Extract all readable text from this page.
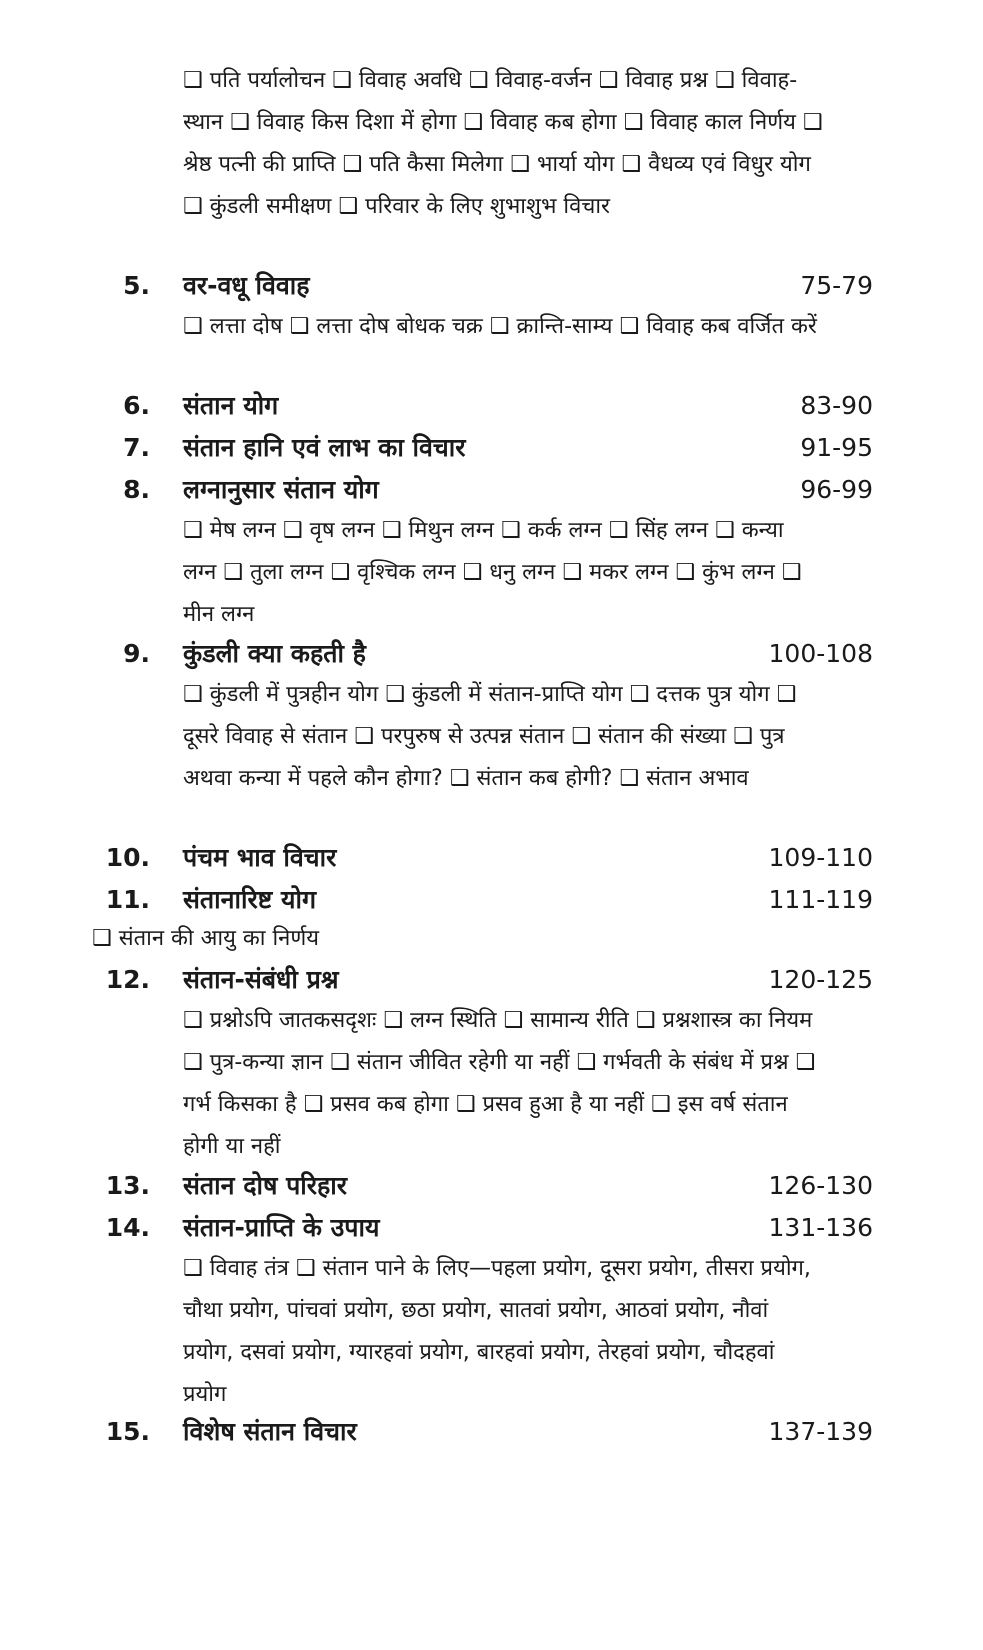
❑ पति पर्यालोचन ❑ विवाह अवधि ❑ विवाह-वर्जन ❑ विवाह प्रश्न ❑ विवाह-स्थान ❑ विवाह किस दिशा में होगा ❑ विवाह कब होगा ❑ विवाह काल निर्णय ❑ श्रेष्ठ पत्नी की प्राप्ति ❑ पति कैसा मिलेगा ❑ भार्या योग ❑ वैधव्य एवं विधुर योग ❑ कुंडली समीक्षण ❑ परिवार के लिए शुभाशुभ विचार
5. वर-वधू विवाह	75-79
❑ लत्ता दोष ❑ लत्ता दोष बोधक चक्र ❑ क्रान्ति-साम्य ❑ विवाह कब वर्जित करें
6. संतान योग	83-90
7. संतान हानि एवं लाभ का विचार	91-95
8. लग्नानुसार संतान योग	96-99
❑ मेष लग्न ❑ वृष लग्न ❑ मिथुन लग्न ❑ कर्क लग्न ❑ सिंह लग्न ❑ कन्या लग्न ❑ तुला लग्न ❑ वृश्चिक लग्न ❑ धनु लग्न ❑ मकर लग्न ❑ कुंभ लग्न ❑ मीन लग्न
9. कुंडली क्या कहती है	100-108
❑ कुंडली में पुत्रहीन योग ❑ कुंडली में संतान-प्राप्ति योग ❑ दत्तक पुत्र योग ❑ दूसरे विवाह से संतान ❑ परपुरुष से उत्पन्न संतान ❑ संतान की संख्या ❑ पुत्र अथवा कन्या में पहले कौन होगा? ❑ संतान कब होगी? ❑ संतान अभाव
10. पंचम भाव विचार	109-110
11. संतानारिष्ट योग	111-119
❑ संतान की आयु का निर्णय
12. संतान-संबंधी प्रश्न	120-125
❑ प्रश्नोऽपि जातकसदृशः ❑ लग्न स्थिति ❑ सामान्य रीति ❑ प्रश्नशास्त्र का नियम ❑ पुत्र-कन्या ज्ञान ❑ संतान जीवित रहेगी या नहीं ❑ गर्भवती के संबंध में प्रश्न ❑ गर्भ किसका है ❑ प्रसव कब होगा ❑ प्रसव हुआ है या नहीं ❑ इस वर्ष संतान होगी या नहीं
13. संतान दोष परिहार	126-130
14. संतान-प्राप्ति के उपाय	131-136
❑ विवाह तंत्र ❑ संतान पाने के लिए—पहला प्रयोग, दूसरा प्रयोग, तीसरा प्रयोग, चौथा प्रयोग, पांचवां प्रयोग, छठा प्रयोग, सातवां प्रयोग, आठवां प्रयोग, नौवां प्रयोग, दसवां प्रयोग, ग्यारहवां प्रयोग, बारहवां प्रयोग, तेरहवां प्रयोग, चौदहवां प्रयोग
15. विशेष संतान विचार	137-139
